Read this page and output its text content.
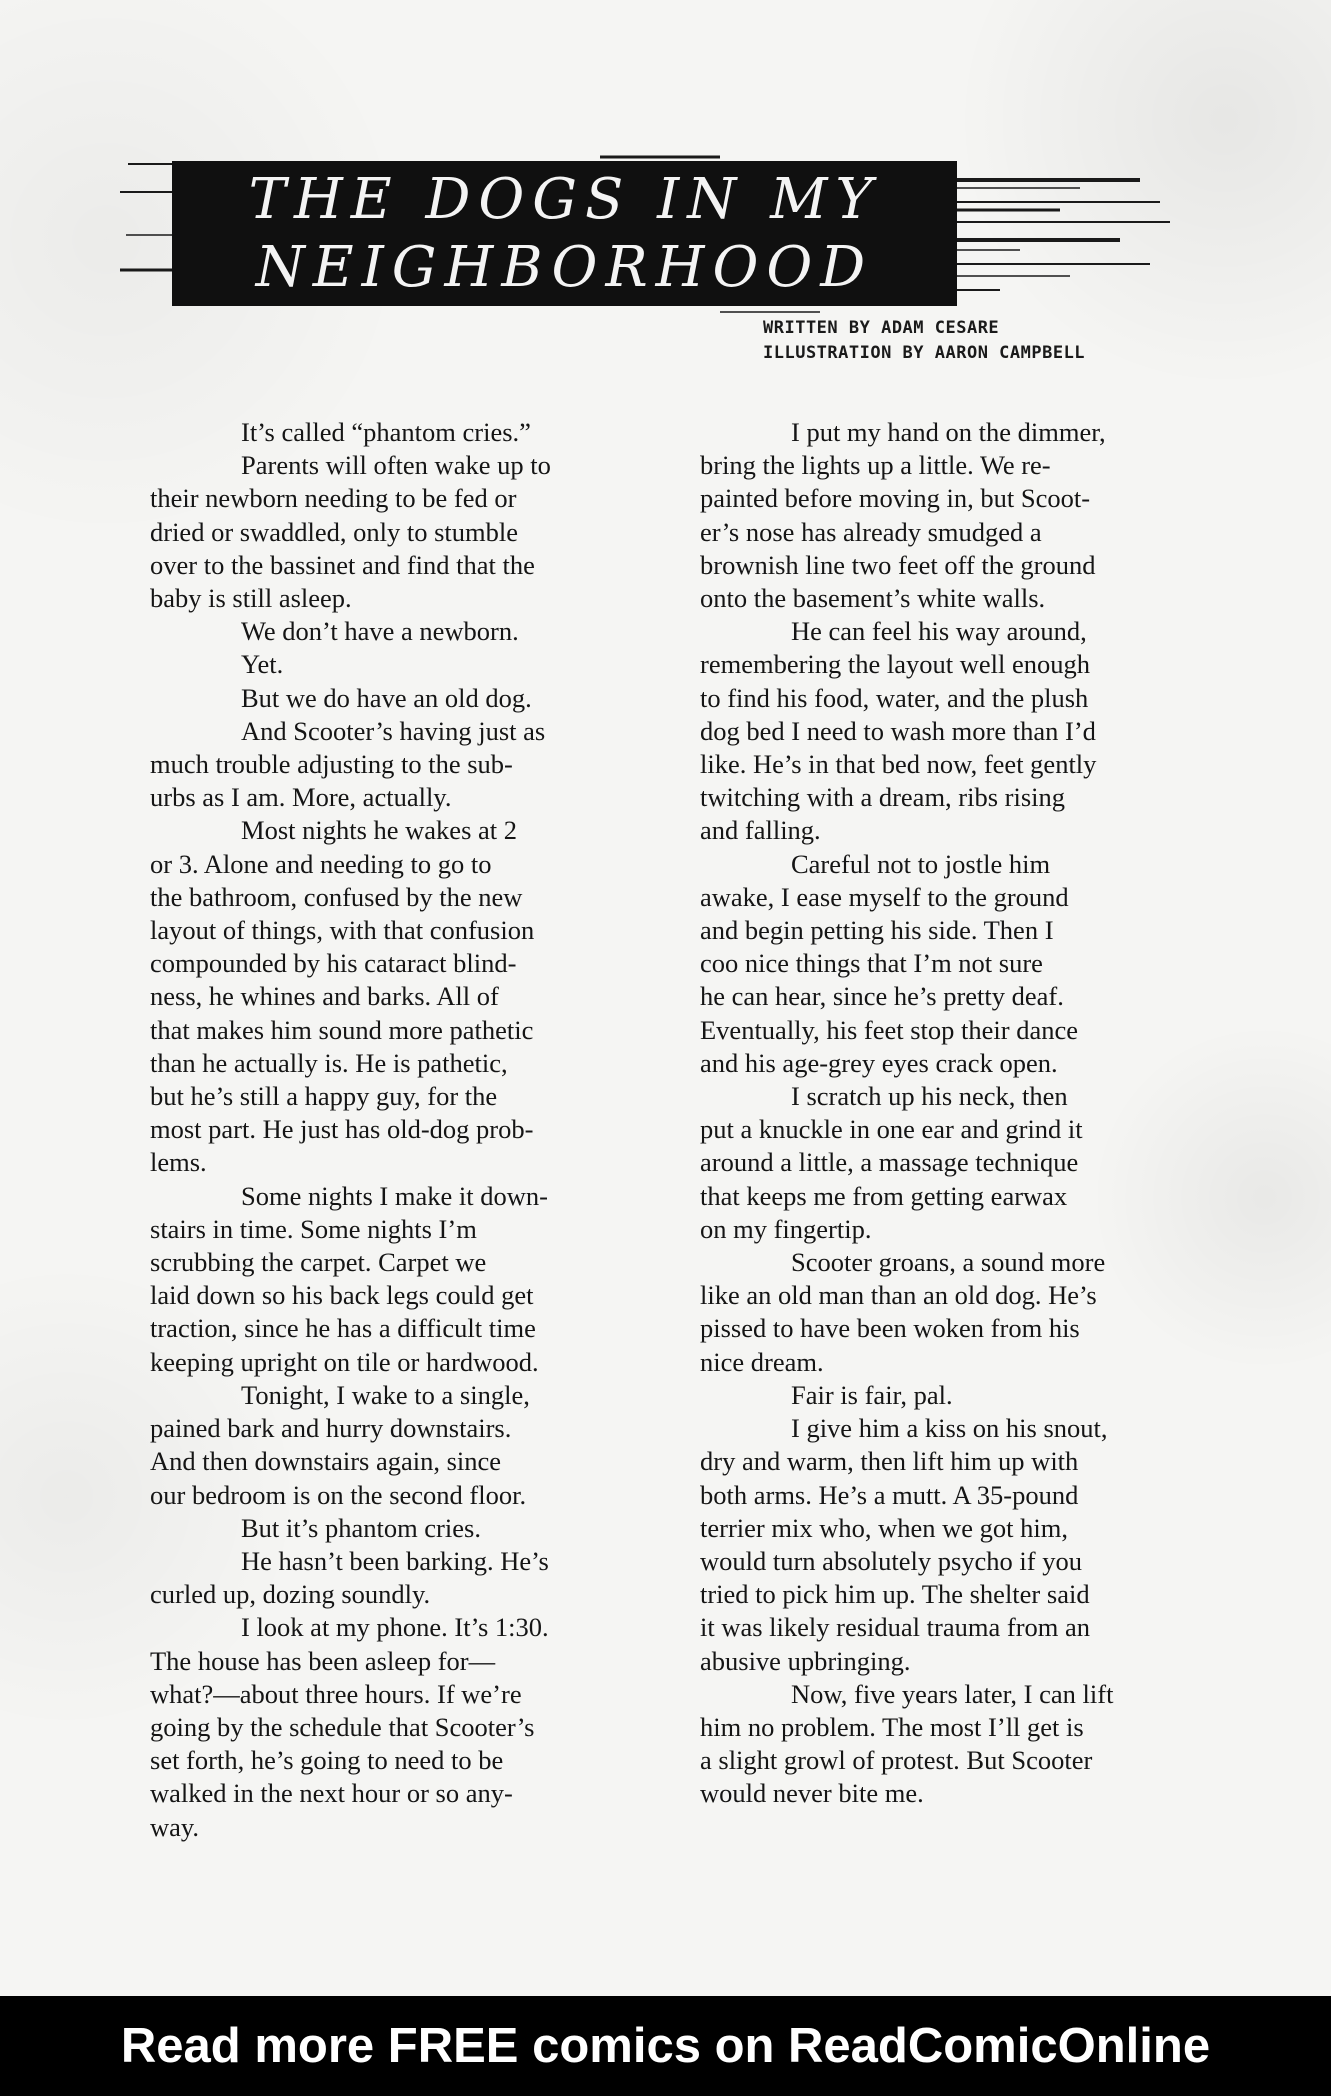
THE DOGS IN MY
NEIGHBORHOOD
WRITTEN BY ADAM CESARE
ILLUSTRATION BY AARON CAMPBELL
It’s called “phantom cries.”
Parents will often wake up to
their newborn needing to be fed or
dried or swaddled, only to stumble
over to the bassinet and find that the
baby is still asleep.
We don’t have a newborn.
Yet.
But we do have an old dog.
And Scooter’s having just as
much trouble adjusting to the sub-
urbs as I am. More, actually.
Most nights he wakes at 2
or 3. Alone and needing to go to
the bathroom, confused by the new
layout of things, with that confusion
compounded by his cataract blind-
ness, he whines and barks. All of
that makes him sound more pathetic
than he actually is. He is pathetic,
but he’s still a happy guy, for the
most part. He just has old-dog prob-
lems.
Some nights I make it down-
stairs in time. Some nights I’m
scrubbing the carpet. Carpet we
laid down so his back legs could get
traction, since he has a difficult time
keeping upright on tile or hardwood.
Tonight, I wake to a single,
pained bark and hurry downstairs.
And then downstairs again, since
our bedroom is on the second floor.
But it’s phantom cries.
He hasn’t been barking. He’s
curled up, dozing soundly.
I look at my phone. It’s 1:30.
The house has been asleep for—
what?—about three hours. If we’re
going by the schedule that Scooter’s
set forth, he’s going to need to be
walked in the next hour or so any-
way.
I put my hand on the dimmer,
bring the lights up a little. We re-
painted before moving in, but Scoot-
er’s nose has already smudged a
brownish line two feet off the ground
onto the basement’s white walls.
He can feel his way around,
remembering the layout well enough
to find his food, water, and the plush
dog bed I need to wash more than I’d
like. He’s in that bed now, feet gently
twitching with a dream, ribs rising
and falling.
Careful not to jostle him
awake, I ease myself to the ground
and begin petting his side. Then I
coo nice things that I’m not sure
he can hear, since he’s pretty deaf.
Eventually, his feet stop their dance
and his age-grey eyes crack open.
I scratch up his neck, then
put a knuckle in one ear and grind it
around a little, a massage technique
that keeps me from getting earwax
on my fingertip.
Scooter groans, a sound more
like an old man than an old dog. He’s
pissed to have been woken from his
nice dream.
Fair is fair, pal.
I give him a kiss on his snout,
dry and warm, then lift him up with
both arms. He’s a mutt. A 35-pound
terrier mix who, when we got him,
would turn absolutely psycho if you
tried to pick him up. The shelter said
it was likely residual trauma from an
abusive upbringing.
Now, five years later, I can lift
him no problem. The most I’ll get is
a slight growl of protest. But Scooter
would never bite me.
Read more FREE comics on ReadComicOnline
